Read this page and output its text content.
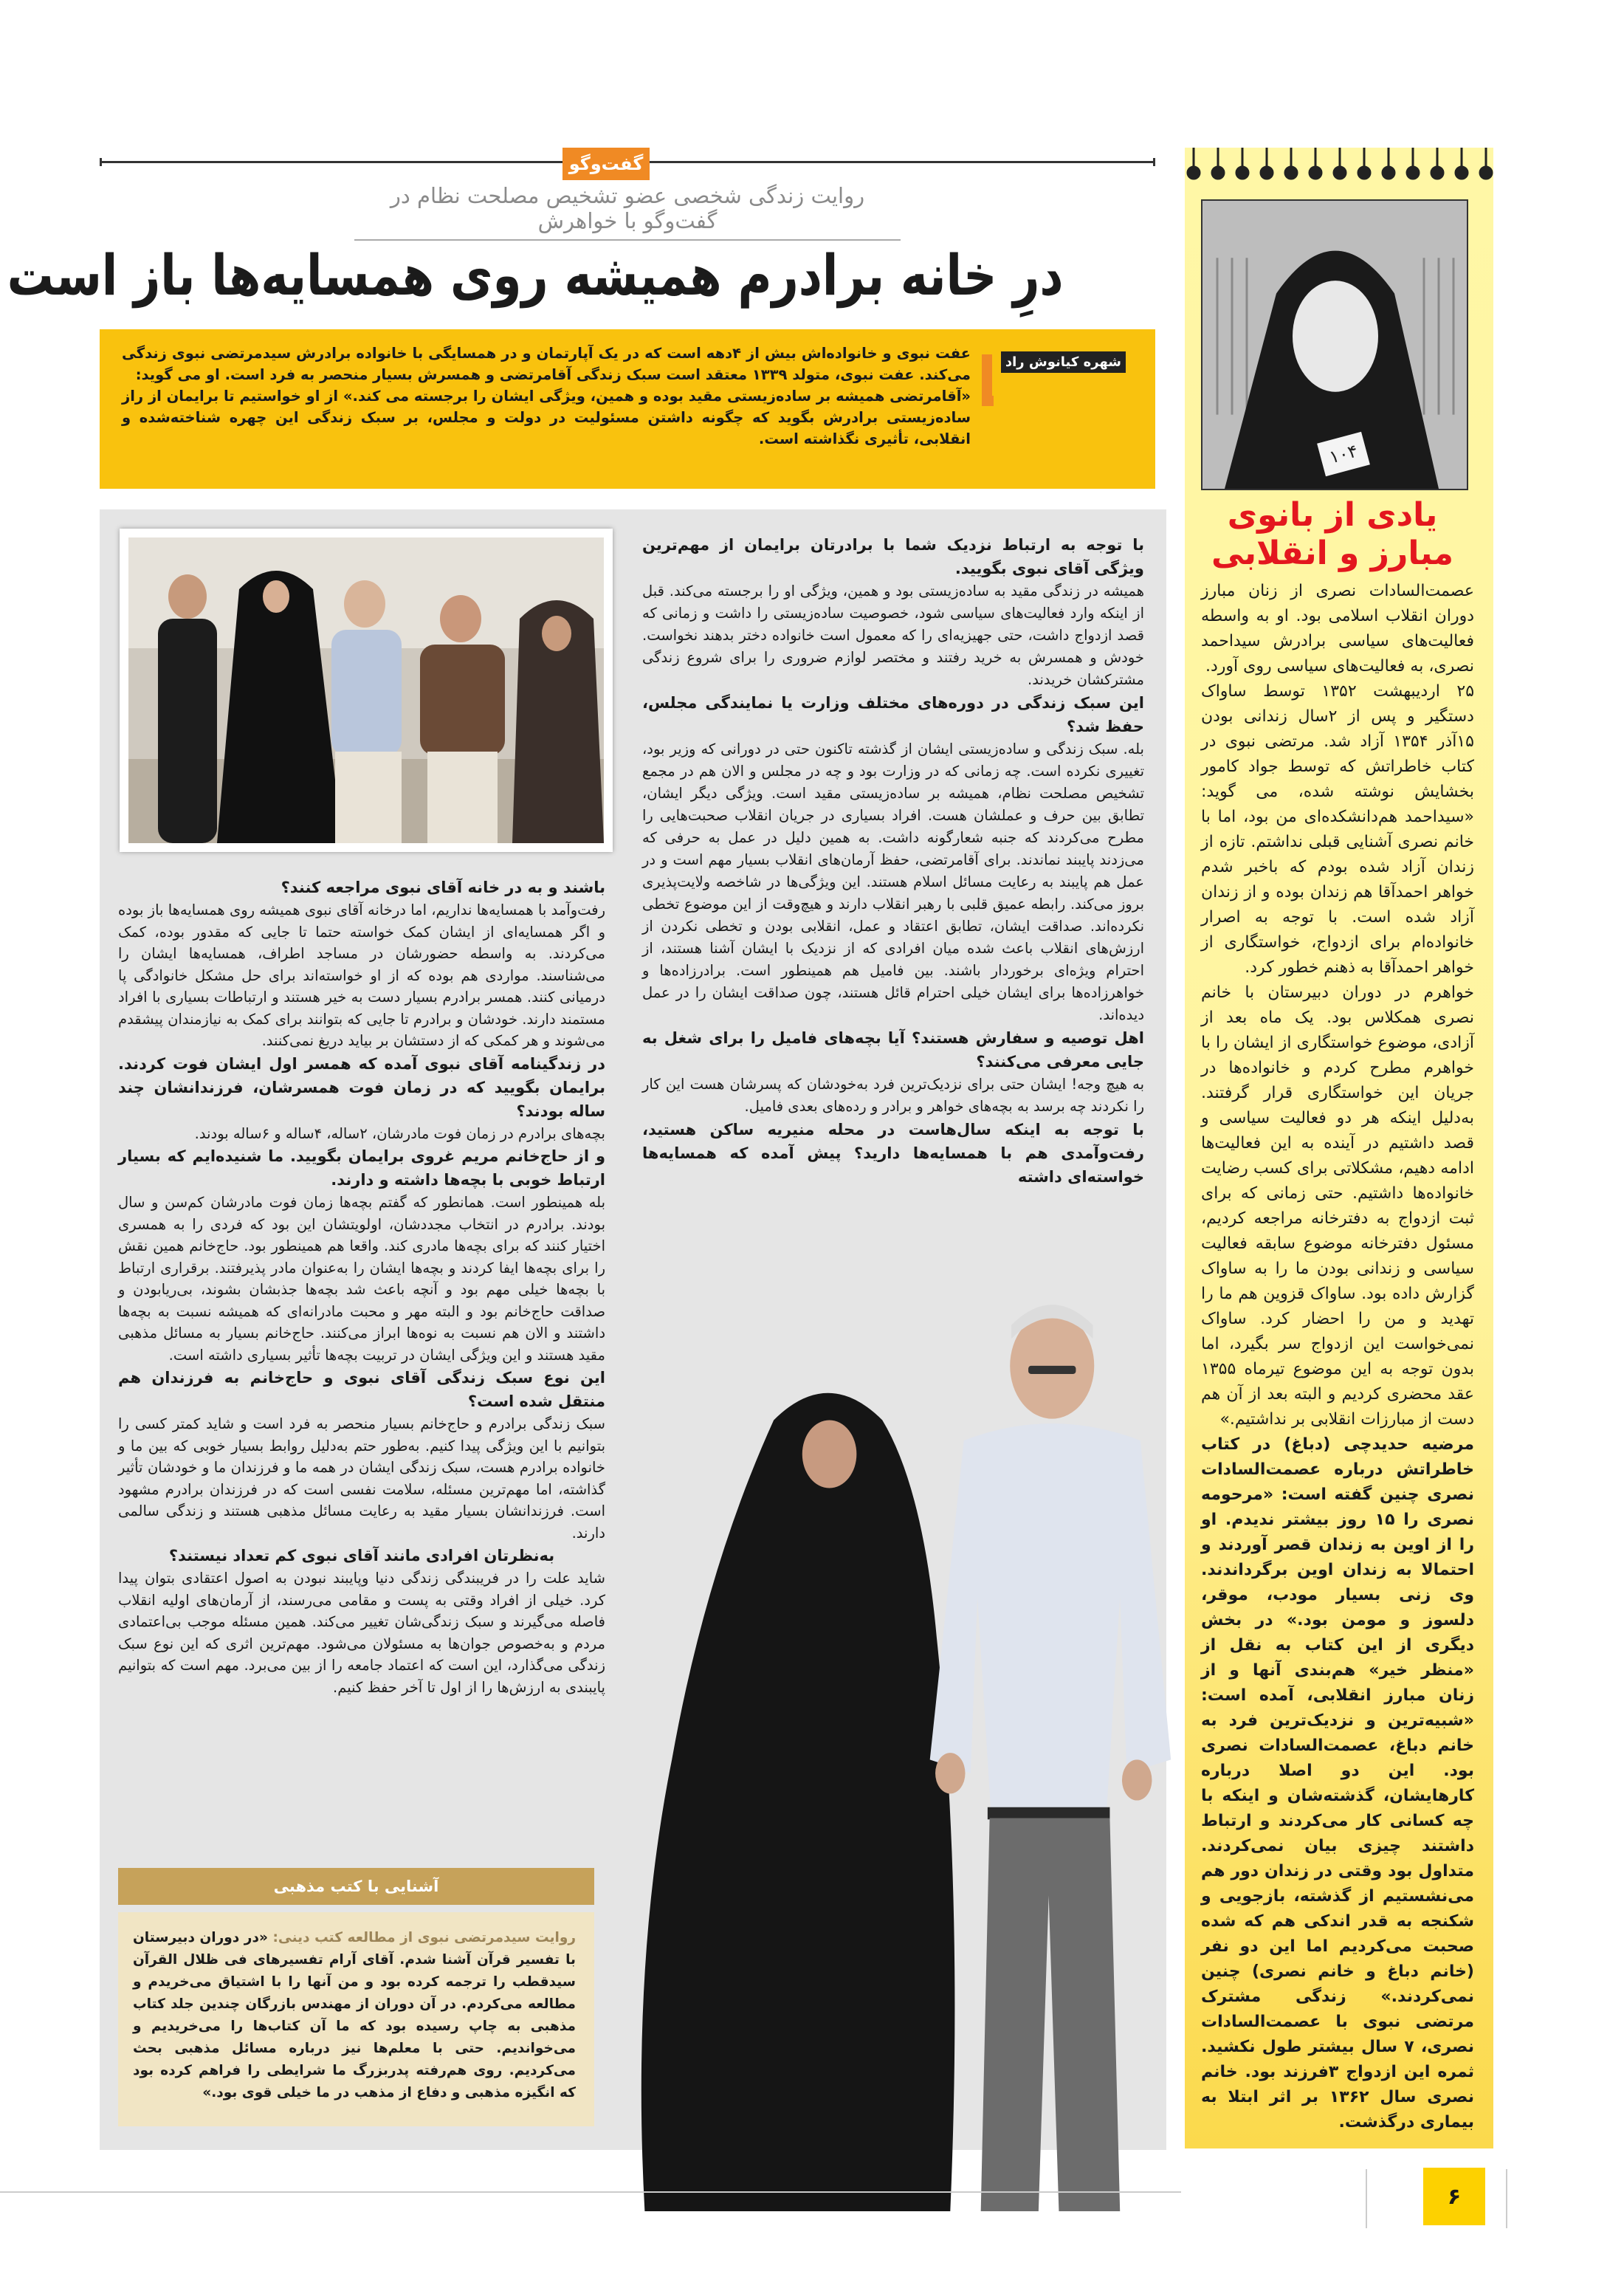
گفت‌وگو
روایت زندگی شخصی عضو تشخیص مصلحت نظام در گفت‌وگو با خواهرش
درِ خانه برادرم همیشه روی همسایه‌ها باز است
شهره کیانوش راد

عفت نبوی و خانواده‌اش بیش از ۴دهه است که در یک آپارتمان و در همسایگی با خانواده برادرش سیدمرتضی نبوی زندگی می‌کند. عفت نبوی، متولد ۱۳۳۹ معتقد است سبک زندگی آقامرتضی و همسرش بسیار منحصر به فرد است. او می گوید:

«آقامرتضی همیشه بر ساده‌زیستی مقید بوده و همین، ویژگی ایشان را برجسته می کند.» از او خواستیم تا برایمان از راز ساده‌زیستی برادرش بگوید که چگونه داشتن مسئولیت در دولت و مجلس، بر سبک زندگی این چهره شناخته‌شده و انقلابی، تأثیری نگذاشته است.

با توجه به ارتباط نزدیک شما با برادرتان برایمان از مهم‌ترین ویژگی آقای نبوی بگویید.

همیشه در زندگی مقید به ساده‌زیستی بود و همین، ویژگی او را برجسته می‌کند. قبل از اینکه وارد فعالیت‌های سیاسی شود، خصوصیت ساده‌زیستی را داشت و زمانی که قصد ازدواج داشت، حتی جهیزیه‌ای را که معمول است خانواده دختر بدهند نخواست. خودش و همسرش به خرید رفتند و مختصر لوازم ضروری را برای شروع زندگی مشترکشان خریدند.

این سبک زندگی در دوره‌های مختلف وزارت یا نمایندگی مجلس، حفظ شد؟

بله. سبک زندگی و ساده‌زیستی ایشان از گذشته تاکنون حتی در دورانی که وزیر بود، تغییری نکرده است. چه زمانی که در وزارت بود و چه در مجلس و الان هم در مجمع تشخیص مصلحت نظام، همیشه بر ساده‌زیستی مقید است. ویژگی دیگر ایشان، تطابق بین حرف و عملشان هست. افراد بسیاری در جریان انقلاب صحبت‌هایی را مطرح می‌کردند که جنبه شعارگونه داشت. به همین دلیل در عمل به حرفی که می‌زدند پایبند نماندند. برای آقامرتضی، حفظ آرمان‌های انقلاب بسیار مهم است و در عمل هم پایبند به رعایت مسائل اسلام هستند. این ویژگی‌ها در شاخصه ولایت‌پذیری بروز می‌کند. رابطه عمیق قلبی با رهبر انقلاب دارند و هیچ‌وقت از این موضوع تخطی نکرده‌اند. صداقت ایشان، تطابق اعتقاد و عمل، انقلابی بودن و تخطی نکردن از ارزش‌های انقلاب باعث شده میان افرادی که از نزدیک با ایشان آشنا هستند، از احترام ویژه‌ای برخوردار باشند. بین فامیل هم همینطور است. برادرزاده‌ها و خواهرزاده‌ها برای ایشان خیلی احترام قائل هستند، چون صداقت ایشان را در عمل دیده‌اند.

اهل توصیه و سفارش هستند؟ آیا بچه‌های فامیل را برای شغل به جایی معرفی می‌کنند؟

به هیچ وجه! ایشان حتی برای نزدیک‌ترین فرد به‌خودشان که پسرشان هست این کار را نکردند چه برسد به بچه‌های خواهر و برادر و رده‌های بعدی فامیل.

با توجه به اینکه سال‌هاست در محله منیریه ساکن هستید، رفت‌وآمدی هم با همسایه‌ها دارید؟ پیش آمده که همسایه‌ها خواسته‌ای داشته

باشند و به در خانه آقای نبوی مراجعه کنند؟

رفت‌وآمد با همسایه‌ها نداریم، اما درخانه آقای نبوی همیشه روی همسایه‌ها باز بوده و اگر همسایه‌ای از ایشان کمک خواسته حتما تا جایی که مقدور بوده، کمک می‌کردند. به واسطه حضورشان در مساجد اطراف، همسایه‌ها ایشان را می‌شناسند. مواردی هم بوده که از او خواسته‌اند برای حل مشکل خانوادگی پا درمیانی کنند. همسر برادرم بسیار دست به خیر هستند و ارتباطات بسیاری با افراد مستمند دارند. خودشان و برادرم تا جایی که بتوانند برای کمک به نیازمندان پیشقدم می‌شوند و هر کمکی که از دستشان بر بیاید دریغ نمی‌کنند.

در زندگینامه آقای نبوی آمده که همسر اول ایشان فوت کردند. برایمان بگویید که در زمان فوت همسرشان، فرزندانشان چند ساله بودند؟

بچه‌های برادرم در زمان فوت مادرشان، ۲ساله، ۴ساله و ۶ساله بودند.

و از حاج‌خانم مریم غروی برایمان بگویید. ما شنیده‌ایم که بسیار ارتباط خوبی با بچه‌ها داشته و دارند.

بله همینطور است. همانطور که گفتم بچه‌ها زمان فوت مادرشان کم‌سن و سال بودند. برادرم در انتخاب مجددشان، اولویتشان این بود که فردی را به همسری اختیار کنند که برای بچه‌ها مادری کند. واقعا هم همینطور بود. حاج‌خانم همین نقش را برای بچه‌ها ایفا کردند و بچه‌ها ایشان را به‌عنوان مادر پذیرفتند. برقراری ارتباط با بچه‌ها خیلی مهم بود و آنچه باعث شد بچه‌ها جذبشان بشوند، بی‌ریابودن و صداقت حاج‌خانم بود و البته مهر و محبت مادرانه‌ای که همیشه نسبت به بچه‌ها داشتند و الان هم نسبت به نوه‌ها ابراز می‌کنند. حاج‌خانم بسیار به مسائل مذهبی مقید هستند و این ویژگی ایشان در تربیت بچه‌ها تأثیر بسیاری داشته است.

این نوع سبک زندگی آقای نبوی و حاج‌خانم به فرزندان هم منتقل شده است؟

سبک زندگی برادرم و حاج‌خانم بسیار منحصر به فرد است و شاید کمتر کسی را بتوانیم با این ویژگی پیدا کنیم. به‌طور حتم به‌دلیل روابط بسیار خوبی که بین ما و خانواده برادرم هست، سبک زندگی ایشان در همه ما و فرزندان ما و خودشان تأثیر گذاشته، اما مهم‌ترین مسئله، سلامت نفسی است که در فرزندان برادرم مشهود است. فرزندانشان بسیار مقید به رعایت مسائل مذهبی هستند و زندگی سالمی دارند.

به‌نظرتان افرادی مانند آقای نبوی کم تعداد نیستند؟

شاید علت را در فریبندگی زندگی دنیا وپایبند نبودن به اصول اعتقادی بتوان پیدا کرد. خیلی از افراد وقتی به پست و مقامی می‌رسند، از آرمان‌های اولیه انقلاب فاصله می‌گیرند و سبک زندگی‌شان تغییر می‌کند. همین مسئله موجب بی‌اعتمادی مردم و به‌خصوص جوان‌ها به مسئولان می‌شود. مهم‌ترین اثری که این نوع سبک زندگی می‌گذارد، این است که اعتماد جامعه را از بین می‌برد. مهم است که بتوانیم پایبندی به ارزش‌ها را از اول تا آخر حفظ کنیم.

آشنایی با کتب مذهبی
روایت سیدمرتضی نبوی از مطالعه کتب دینی: «در دوران دبیرستان با تفسیر قرآن آشنا شدم. آقای آرام تفسیرهای فی ظلال القرآن سیدقطب را ترجمه کرده بود و من آنها را با اشتیاق می‌خریدم و مطالعه می‌کردم. در آن دوران از مهندس بازرگان چندین جلد کتاب مذهبی به چاپ رسیده بود که ما آن کتاب‌ها را می‌خریدیم و می‌خواندیم. حتی با معلم‌ها نیز درباره مسائل مذهبی بحث می‌کردیم. روی هم‌رفته پدربزرگ ما شرایطی را فراهم کرده بود که انگیزه مذهبی و دفاع از مذهب در ما خیلی قوی بود.»
۱۰۴
یادی از بانوی
مبارز و انقلابی

عصمت‌السادات نصری از زنان مبارز دوران انقلاب اسلامی بود. او به واسطه فعالیت‌های سیاسی برادرش سیداحمد نصری، به فعالیت‌های سیاسی روی آورد.

۲۵ اردیبهشت ۱۳۵۲ توسط ساواک دستگیر و پس از ۲سال زندانی بودن ۱۵آذر ۱۳۵۴ آزاد شد. مرتضی نبوی در کتاب خاطراتش که توسط جواد کامور بخشایش نوشته شده، می گوید: «سیداحمد هم‌دانشکده‌ای من بود، اما با خانم نصری آشنایی قبلی نداشتم. تازه از زندان آزاد شده بودم که باخبر شدم خواهر احمدآقا هم زندان بوده و از زندان آزاد شده است. با توجه به اصرار خانواده‌ام برای ازدواج، خواستگاری از خواهر احمدآقا به ذهنم خطور کرد.

خواهرم در دوران دبیرستان با خانم نصری همکلاس بود. یک ماه بعد از آزادی، موضوع خواستگاری از ایشان را با خواهرم مطرح کردم و خانواده‌ها در جریان این خواستگاری قرار گرفتند. به‌دلیل اینکه هر دو فعالیت سیاسی و قصد داشتیم در آینده به این فعالیت‌ها ادامه دهیم، مشکلاتی برای کسب رضایت خانواده‌ها داشتیم. حتی زمانی که برای ثبت ازدواج به دفترخانه مراجعه کردیم، مسئول دفترخانه موضوع سابقه فعالیت سیاسی و زندانی بودن ما را به ساواک گزارش داده بود. ساواک قزوین هم ما را تهدید و من را احضار کرد. ساواک نمی‌خواست این ازدواج سر بگیرد، اما بدون توجه به این موضوع تیرماه ۱۳۵۵ عقد محضری کردیم و البته بعد از آن هم دست از مبارزات انقلابی بر نداشتیم.»

مرضیه حدیدچی (دباغ) در کتاب خاطراتش درباره عصمت‌السادات نصری چنین گفته است: «مرحومه نصری را ۱۵ روز بیشتر ندیدم. او را از اوین به زندان قصر آوردند و احتمالا به زندان اوین برگرداندند. وی زنی بسیار مودب، موقر، دلسوز و مومن بود.» در بخش دیگری از این کتاب به نقل از «منظر خیر» هم‌بندی آنها و از زنان مبارز انقلابی، آمده است: «شبیه‌ترین و نزدیک‌ترین فرد به خانم دباغ، عصمت‌السادات نصری بود. این دو اصلا درباره کارهایشان، گذشته‌شان و اینکه با چه کسانی کار می‌کردند و ارتباط داشتند چیزی بیان نمی‌کردند. متداول بود وقتی در زندان دور هم می‌نشستیم از گذشته، بازجویی و شکنجه به قدر اندکی هم که شده صحبت می‌کردیم اما این دو نفر (خانم دباغ و خانم نصری) چنین نمی‌کردند.» زندگی مشترک مرتضی نبوی با عصمت‌السادات نصری، ۷ سال بیشتر طول نکشید. ثمره این ازدواج ۳فرزند بود. خانم نصری سال ۱۳۶۲ بر اثر ابتلا به بیماری درگذشت.

۶
